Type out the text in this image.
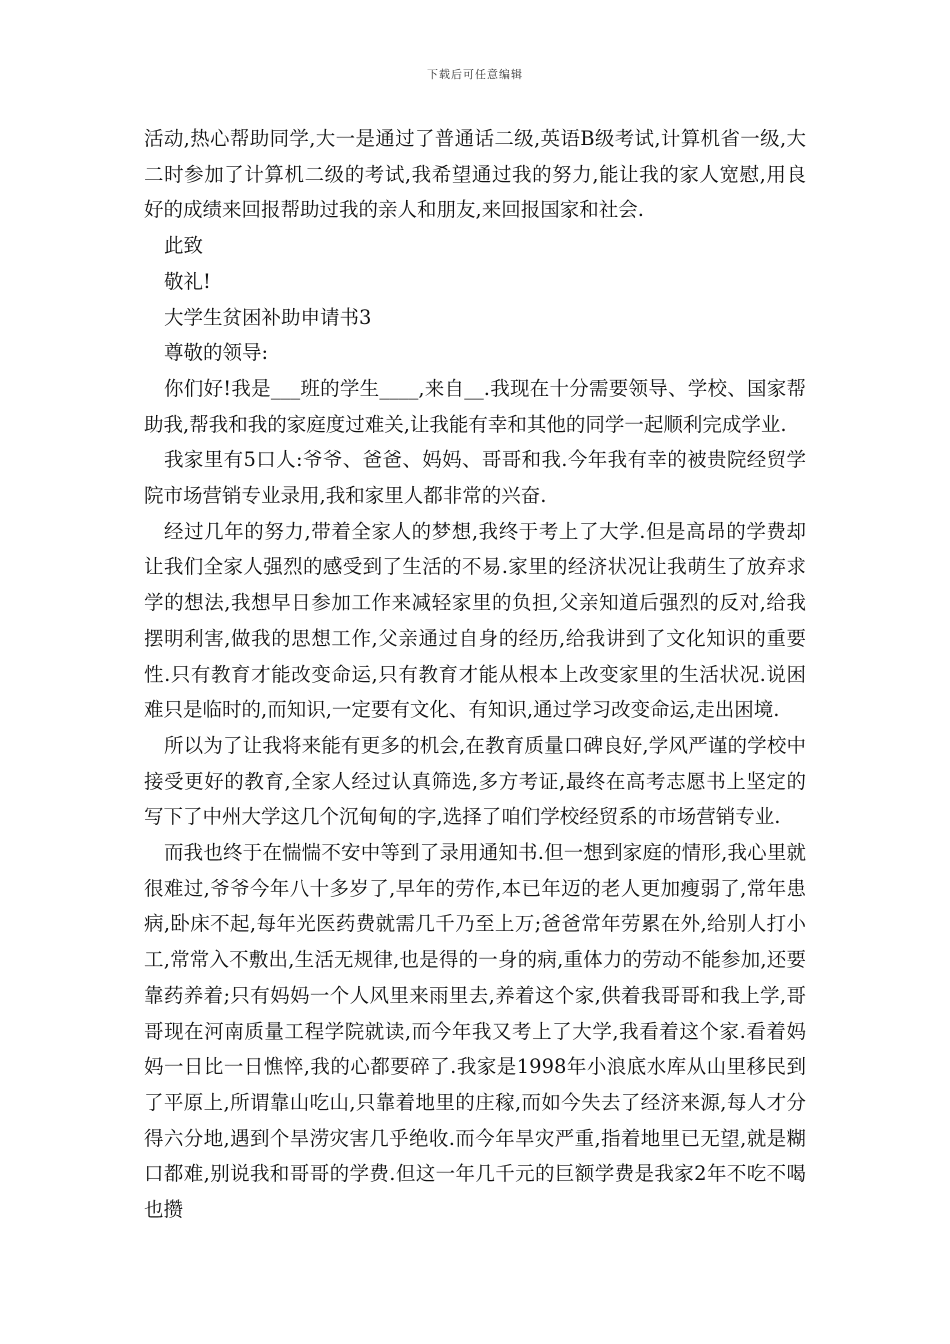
下载后可任意编辑

活动,热心帮助同学,大一是通过了普通话二级,英语B级考试,计算机省一级,大二时参加了计算机二级的考试,我希望通过我的努力,能让我的家人宽慰,用良好的成绩来回报帮助过我的亲人和朋友,来回报国家和社会.

此致

敬礼!

大学生贫困补助申请书3

尊敬的领导:

你们好!我是___班的学生____,来自__.我现在十分需要领导、学校、国家帮助我,帮我和我的家庭度过难关,让我能有幸和其他的同学一起顺利完成学业.

我家里有5口人:爷爷、爸爸、妈妈、哥哥和我.今年我有幸的被贵院经贸学院市场营销专业录用,我和家里人都非常的兴奋.

经过几年的努力,带着全家人的梦想,我终于考上了大学.但是高昂的学费却让我们全家人强烈的感受到了生活的不易.家里的经济状况让我萌生了放弃求学的想法,我想早日参加工作来减轻家里的负担,父亲知道后强烈的反对,给我摆明利害,做我的思想工作,父亲通过自身的经历,给我讲到了文化知识的重要性.只有教育才能改变命运,只有教育才能从根本上改变家里的生活状况.说困难只是临时的,而知识,一定要有文化、有知识,通过学习改变命运,走出困境.

所以为了让我将来能有更多的机会,在教育质量口碑良好,学风严谨的学校中接受更好的教育,全家人经过认真筛选,多方考证,最终在高考志愿书上坚定的写下了中州大学这几个沉甸甸的字,选择了咱们学校经贸系的市场营销专业.

而我也终于在惴惴不安中等到了录用通知书.但一想到家庭的情形,我心里就很难过,爷爷今年八十多岁了,早年的劳作,本已年迈的老人更加瘦弱了,常年患病,卧床不起,每年光医药费就需几千乃至上万;爸爸常年劳累在外,给别人打小工,常常入不敷出,生活无规律,也是得的一身的病,重体力的劳动不能参加,还要靠药养着;只有妈妈一个人风里来雨里去,养着这个家,供着我哥哥和我上学,哥哥现在河南质量工程学院就读,而今年我又考上了大学,我看着这个家.看着妈妈一日比一日憔悴,我的心都要碎了.我家是1998年小浪底水库从山里移民到了平原上,所谓靠山吃山,只靠着地里的庄稼,而如今失去了经济来源,每人才分得六分地,遇到个旱涝灾害几乎绝收.而今年旱灾严重,指着地里已无望,就是糊口都难,别说我和哥哥的学费.但这一年几千元的巨额学费是我家2年不吃不喝也攒
